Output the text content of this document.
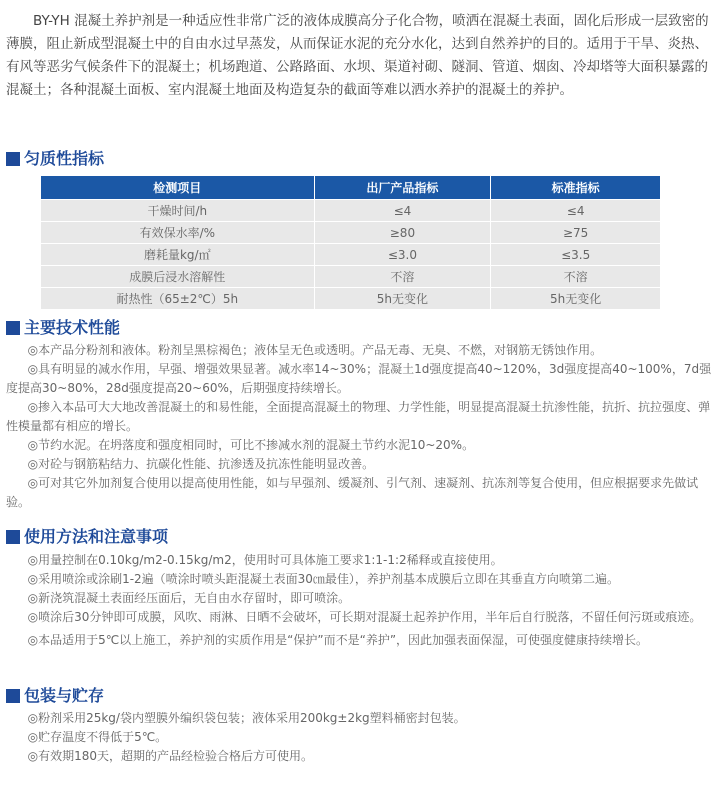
BY-YH 混凝土养护剂是一种适应性非常广泛的液体成膜高分子化合物，喷洒在混凝土表面，固化后形成一层致密的薄膜，阻止新成型混凝土中的自由水过早蒸发，从而保证水泥的充分水化，达到自然养护的目的。适用于干旱、炎热、有风等恶劣气候条件下的混凝土；机场跑道、公路路面、水坝、渠道衬砌、隧洞、管道、烟囱、冷却塔等大面积暴露的混凝土；各种混凝土面板、室内混凝土地面及构造复杂的截面等难以洒水养护的混凝土的养护。

匀质性指标
检测项目	出厂产品指标	标准指标
干燥时间/h	≤4	≤4
有效保水率/%	≥80	≥75
磨耗量kg/㎡	≤3.0	≤3.5
成膜后浸水溶解性	不溶	不溶
耐热性（65±2℃）5h	5h无变化	5h无变化
主要技术性能

◎本产品分粉剂和液体。粉剂呈黑棕褐色；液体呈无色或透明。产品无毒、无臭、不燃，对钢筋无锈蚀作用。

◎具有明显的减水作用，早强、增强效果显著。减水率14~30%；混凝土1d强度提高40~120%，3d强度提高40~100%，7d强度提高30~80%，28d强度提高20~60%，后期强度持续增长。

◎掺入本品可大大地改善混凝土的和易性能，全面提高混凝土的物理、力学性能，明显提高混凝土抗渗性能，抗折、抗拉强度、弹性模量都有相应的增长。

◎节约水泥。在坍落度和强度相同时，可比不掺减水剂的混凝土节约水泥10~20%。

◎对砼与钢筋粘结力、抗碳化性能、抗渗透及抗冻性能明显改善。

◎可对其它外加剂复合使用以提高使用性能，如与早强剂、缓凝剂、引气剂、速凝剂、抗冻剂等复合使用，但应根据要求先做试验。

使用方法和注意事项

◎用量控制在0.10kg/m2-0.15kg/m2，使用时可具体施工要求1:1-1:2稀释或直接使用。

◎采用喷涂或涂刷1-2遍（喷涂时喷头距混凝土表面30㎝最佳），养护剂基本成膜后立即在其垂直方向喷第二遍。

◎新浇筑混凝土表面经压面后，无自由水存留时，即可喷涂。

◎喷涂后30分钟即可成膜，风吹、雨淋、日晒不会破坏，可长期对混凝土起养护作用，半年后自行脱落，不留任何污斑或痕迹。

◎本品适用于5℃以上施工，养护剂的实质作用是“保护”而不是“养护”，因此加强表面保湿，可使强度健康持续增长。

包装与贮存

◎粉剂采用25kg/袋内塑膜外编织袋包装；液体采用200kg±2kg塑料桶密封包装。

◎贮存温度不得低于5℃。

◎有效期180天，超期的产品经检验合格后方可使用。
